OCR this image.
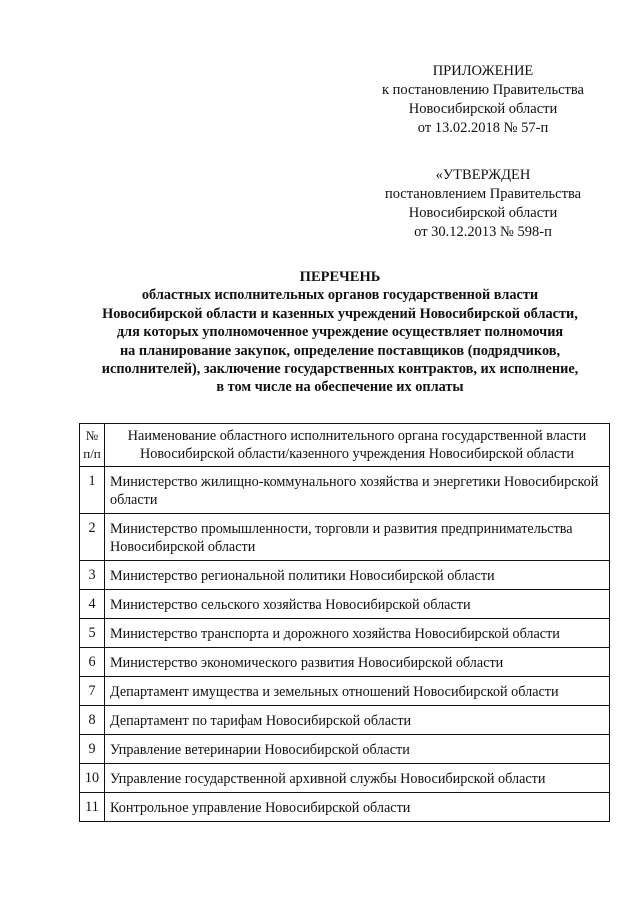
ПРИЛОЖЕНИЕ
к постановлению Правительства
Новосибирской области
от 13.02.2018 № 57-п
«УТВЕРЖДЕН
постановлением Правительства
Новосибирской области
от 30.12.2013 № 598-п
ПЕРЕЧЕНЬ
областных исполнительных органов государственной власти
Новосибирской области и казенных учреждений Новосибирской области,
для которых уполномоченное учреждение осуществляет полномочия
на планирование закупок, определение поставщиков (подрядчиков,
исполнителей), заключение государственных контрактов, их исполнение,
в том числе на обеспечение их оплаты
№ п/п	Наименование областного исполнительного органа государственной власти Новосибирской области/казенного учреждения Новосибирской области
1	Министерство жилищно-коммунального хозяйства и энергетики Новосибирской области
2	Министерство промышленности, торговли и развития предпринимательства Новосибирской области
3	Министерство региональной политики Новосибирской области
4	Министерство сельского хозяйства Новосибирской области
5	Министерство транспорта и дорожного хозяйства Новосибирской области
6	Министерство экономического развития Новосибирской области
7	Департамент имущества и земельных отношений Новосибирской области
8	Департамент по тарифам Новосибирской области
9	Управление ветеринарии Новосибирской области
10	Управление государственной архивной службы Новосибирской области
11	Контрольное управление Новосибирской области
